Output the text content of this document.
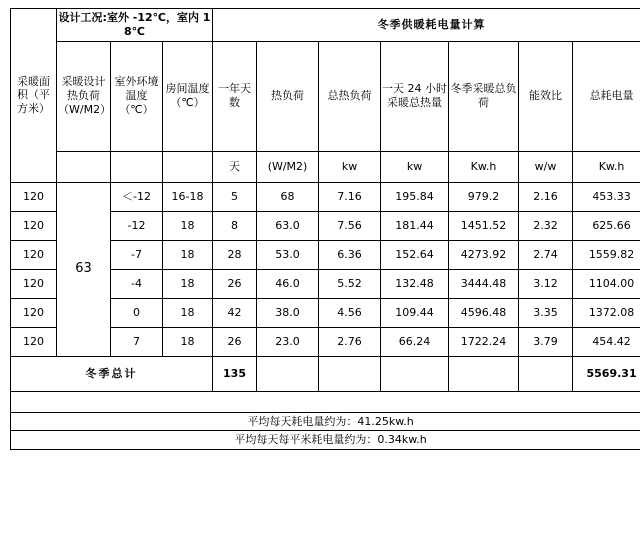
采暖面积（平方米）	设计工况:室外 -12℃，室内 18℃			冬季供暖耗电量计算						
	采暖设计热负荷（W/M2）	室外环境温度（℃）	房间温度（℃）	一年天数	热负荷	总热负荷	一天 24 小时采暖总热量	冬季采暖总负荷	能效比	总耗电量
				天	(W/M2)	kw	kw	Kw.h	w/w	Kw.h
120	63	＜-12	16-18	5	68	7.16	195.84	979.2	2.16	453.33
120		-12	18	8	63.0	7.56	181.44	1451.52	2.32	625.66
120		-7	18	28	53.0	6.36	152.64	4273.92	2.74	1559.82
120		-4	18	26	46.0	5.52	132.48	3444.48	3.12	1104.00
120		0	18	42	38.0	4.56	109.44	4596.48	3.35	1372.08
120		7	18	26	23.0	2.76	66.24	1722.24	3.79	454.42
冬季总计				135						5569.31

平均每天耗电量约为：41.25kw.h										
平均每天每平米耗电量约为：0.34kw.h										
